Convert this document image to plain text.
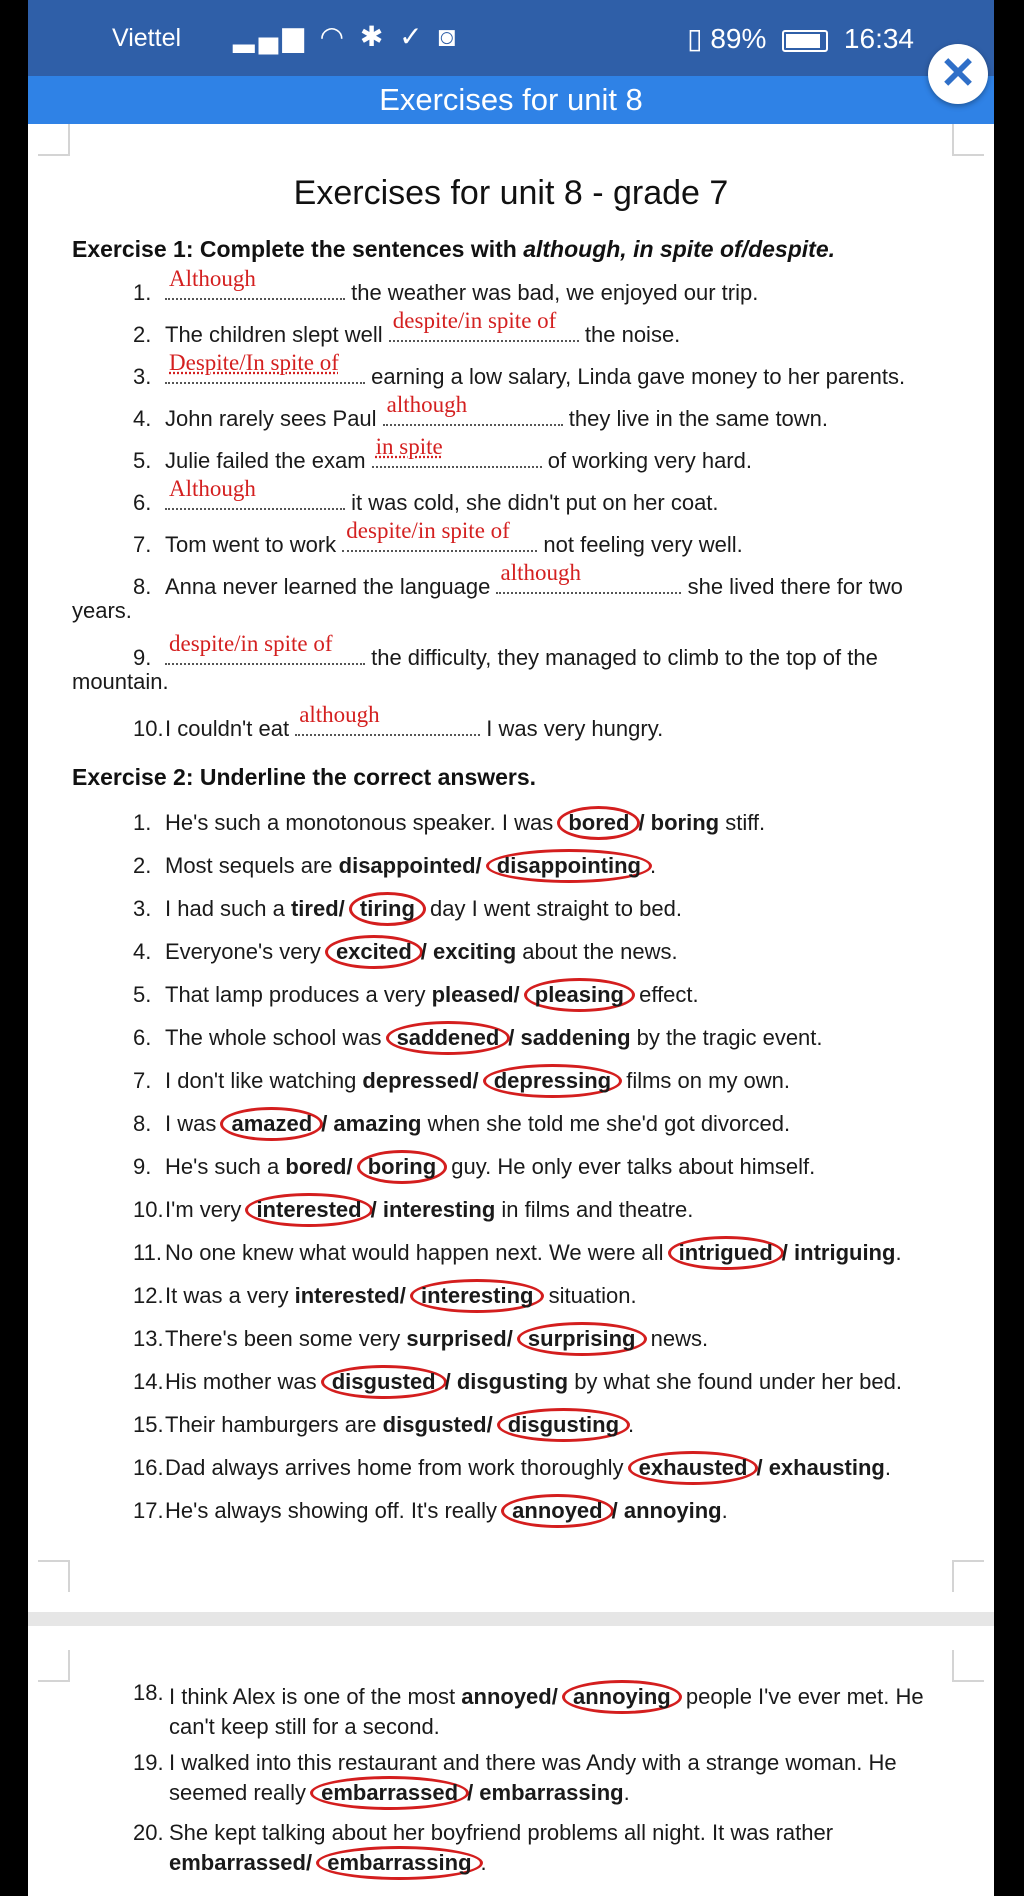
Viettel ▂▄▆ ◠ ✱ ✓ ◙	▯ 89%	16:34
Exercises for unit 8
✕
Exercises for unit 8 - grade 7
Exercise 1: Complete the sentences with although, in spite of/despite.
1.
Although
the weather was bad, we enjoyed our trip.
2. The children slept well
despite/in spite of
the noise.
3.
Despite/In spite of
earning a low salary, Linda gave money to her parents.
4. John rarely sees Paul
although
they live in the same town.
5. Julie failed the exam
in spite
of working very hard.
6.
Although
it was cold, she didn't put on her coat.
7. Tom went to work
despite/in spite of
not feeling very well.
8. Anna never learned the language
although
she lived there for two
years.
9.
despite/in spite of
the difficulty, they managed to climb to the top of the
mountain.
10.I couldn't eat
although
I was very hungry.
Exercise 2: Underline the correct answers.
1. He's such a monotonous speaker. I was bored / boring stiff.
2. Most sequels are disappointed/ disappointing .
3. I had such a tired/ tiring day I went straight to bed.
4. Everyone's very excited / exciting about the news.
5. That lamp produces a very pleased/ pleasing effect.
6. The whole school was saddened / saddening by the tragic event.
7. I don't like watching depressed/ depressing films on my own.
8. I was amazed / amazing when she told me she'd got divorced.
9. He's such a bored/ boring guy. He only ever talks about himself.
10.I'm very interested / interesting in films and theatre.
11. No one knew what would happen next. We were all intrigued / intriguing.
12.It was a very interested/ interesting situation.
13.There's been some very surprised/ surprising news.
14.His mother was disgusted / disgusting by what she found under her bed.
15.Their hamburgers are disgusted/ disgusting .
16.Dad always arrives home from work thoroughly exhausted / exhausting.
17.He's always showing off. It's really annoyed / annoying.
18. I think Alex is one of the most annoyed/ annoying people I've ever met. He can't keep still for a second.
19. I walked into this restaurant and there was Andy with a strange woman. He seemed really embarrassed / embarrassing.
20. She kept talking about her boyfriend problems all night. It was rather embarrassed/ embarrassing .
